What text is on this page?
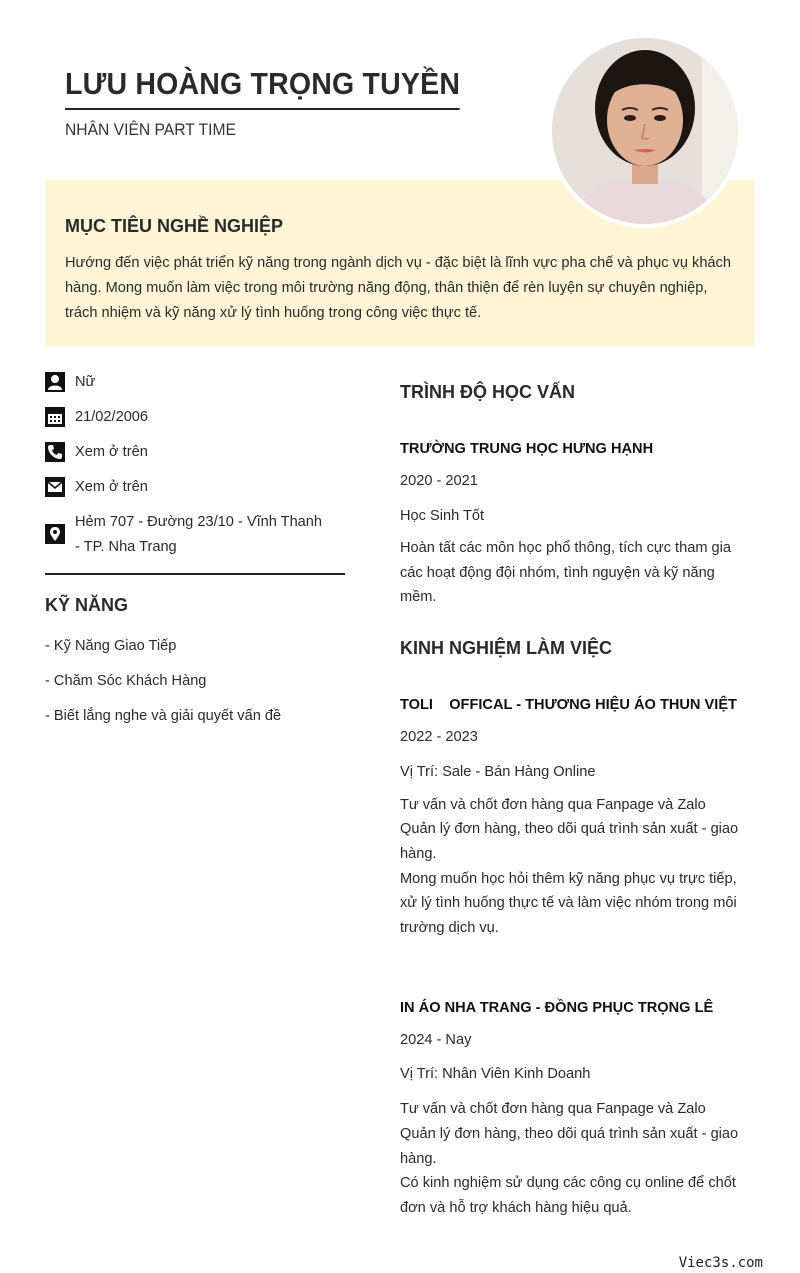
LƯU HOÀNG TRỌNG TUYỀN
NHÂN VIÊN PART TIME
MỤC TIÊU NGHỀ NGHIỆP

Hướng đến việc phát triển kỹ năng trong ngành dịch vụ - đặc biệt là lĩnh vực pha chế và phục vụ khách hàng. Mong muốn làm việc trong môi trường năng động, thân thiện để rèn luyện sự chuyên nghiệp, trách nhiệm và kỹ năng xử lý tình huống trong công việc thực tế.

Nữ
21/02/2006
Xem ở trên
Xem ở trên
Hẻm 707 - Đường 23/10 - Vĩnh Thanh - TP. Nha Trang
KỸ NĂNG
- Kỹ Năng Giao Tiếp
- Chăm Sóc Khách Hàng
- Biết lắng nghe và giải quyết vấn đề
TRÌNH ĐỘ HỌC VẤN
TRƯỜNG TRUNG HỌC HƯNG HẠNH
2020 - 2021
Học Sinh Tốt
Hoàn tất các môn học phổ thông, tích cực tham gia các hoạt động đội nhóm, tình nguyện và kỹ năng mềm.
KINH NGHIỆM LÀM VIỆC
TOLI    OFFICAL - THƯƠNG HIỆU ÁO THUN VIỆT
2022 - 2023
Vị Trí: Sale - Bán Hàng Online
Tư vấn và chốt đơn hàng qua Fanpage và Zalo
Quản lý đơn hàng, theo dõi quá trình sản xuất - giao hàng.
Mong muốn học hỏi thêm kỹ năng phục vụ trực tiếp, xử lý tình huống thực tế và làm việc nhóm trong môi trường dịch vụ.
IN ÁO NHA TRANG - ĐỒNG PHỤC TRỌNG LÊ
2024 - Nay
Vị Trí: Nhân Viên Kinh Doanh
Tư vấn và chốt đơn hàng qua Fanpage và Zalo
Quản lý đơn hàng, theo dõi quá trình sản xuất - giao hàng.
Có kinh nghiệm sử dụng các công cụ online để chốt đơn và hỗ trợ khách hàng hiệu quả.
Viec3s.com
